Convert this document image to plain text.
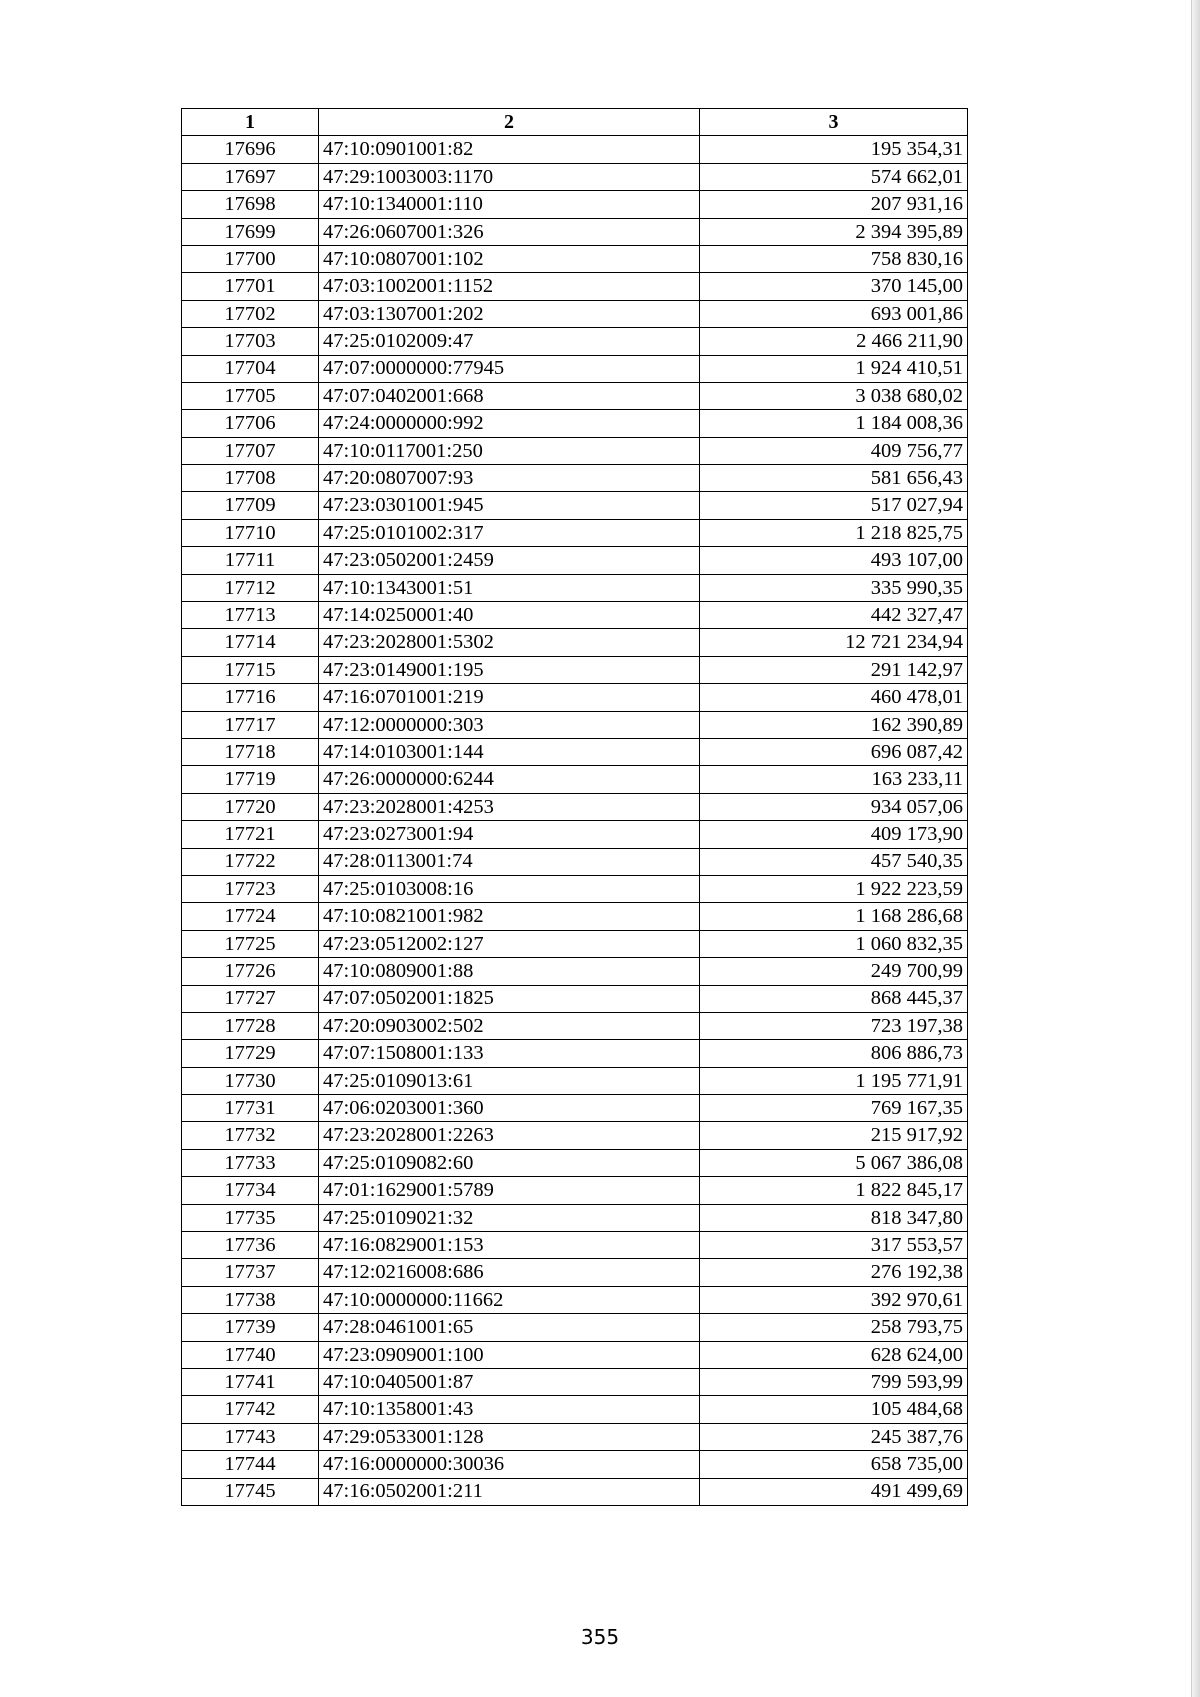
1	2	3
17696	47:10:0901001:82	195 354,31
17697	47:29:1003003:1170	574 662,01
17698	47:10:1340001:110	207 931,16
17699	47:26:0607001:326	2 394 395,89
17700	47:10:0807001:102	758 830,16
17701	47:03:1002001:1152	370 145,00
17702	47:03:1307001:202	693 001,86
17703	47:25:0102009:47	2 466 211,90
17704	47:07:0000000:77945	1 924 410,51
17705	47:07:0402001:668	3 038 680,02
17706	47:24:0000000:992	1 184 008,36
17707	47:10:0117001:250	409 756,77
17708	47:20:0807007:93	581 656,43
17709	47:23:0301001:945	517 027,94
17710	47:25:0101002:317	1 218 825,75
17711	47:23:0502001:2459	493 107,00
17712	47:10:1343001:51	335 990,35
17713	47:14:0250001:40	442 327,47
17714	47:23:2028001:5302	12 721 234,94
17715	47:23:0149001:195	291 142,97
17716	47:16:0701001:219	460 478,01
17717	47:12:0000000:303	162 390,89
17718	47:14:0103001:144	696 087,42
17719	47:26:0000000:6244	163 233,11
17720	47:23:2028001:4253	934 057,06
17721	47:23:0273001:94	409 173,90
17722	47:28:0113001:74	457 540,35
17723	47:25:0103008:16	1 922 223,59
17724	47:10:0821001:982	1 168 286,68
17725	47:23:0512002:127	1 060 832,35
17726	47:10:0809001:88	249 700,99
17727	47:07:0502001:1825	868 445,37
17728	47:20:0903002:502	723 197,38
17729	47:07:1508001:133	806 886,73
17730	47:25:0109013:61	1 195 771,91
17731	47:06:0203001:360	769 167,35
17732	47:23:2028001:2263	215 917,92
17733	47:25:0109082:60	5 067 386,08
17734	47:01:1629001:5789	1 822 845,17
17735	47:25:0109021:32	818 347,80
17736	47:16:0829001:153	317 553,57
17737	47:12:0216008:686	276 192,38
17738	47:10:0000000:11662	392 970,61
17739	47:28:0461001:65	258 793,75
17740	47:23:0909001:100	628 624,00
17741	47:10:0405001:87	799 593,99
17742	47:10:1358001:43	105 484,68
17743	47:29:0533001:128	245 387,76
17744	47:16:0000000:30036	658 735,00
17745	47:16:0502001:211	491 499,69
355
